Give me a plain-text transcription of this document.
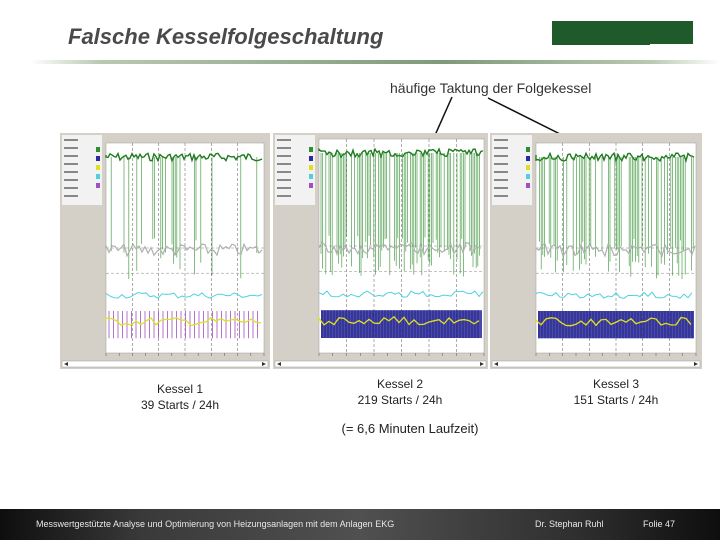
Falsche Kesselfolgeschaltung
häufige Taktung der Folgekessel
Kessel 1
39 Starts / 24h
Kessel 2
219 Starts / 24h
Kessel 3
151 Starts / 24h
(= 6,6 Minuten Laufzeit)
Messwertgestützte Analyse und Optimierung von Heizungsanlagen mit dem Anlagen EKG	Dr. Stephan Ruhl	Folie 47
